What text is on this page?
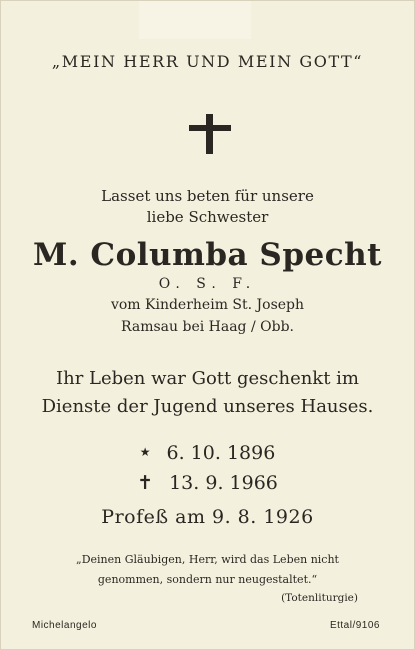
„MEIN HERR UND MEIN GOTT“
Lasset uns beten für unsere
liebe Schwester
M. Columba Specht
O. S. F.
vom Kinderheim St. Joseph
Ramsau bei Haag / Obb.
Ihr Leben war Gott geschenkt im
Dienste der Jugend unseres Hauses.
★ 6. 10. 1896
✝ 13. 9. 1966
Profeß am 9. 8. 1926
„Deinen Gläubigen, Herr, wird das Leben nicht
genommen, sondern nur neugestaltet.“
(Totenliturgie)
Michelangelo	Ettal/9106
